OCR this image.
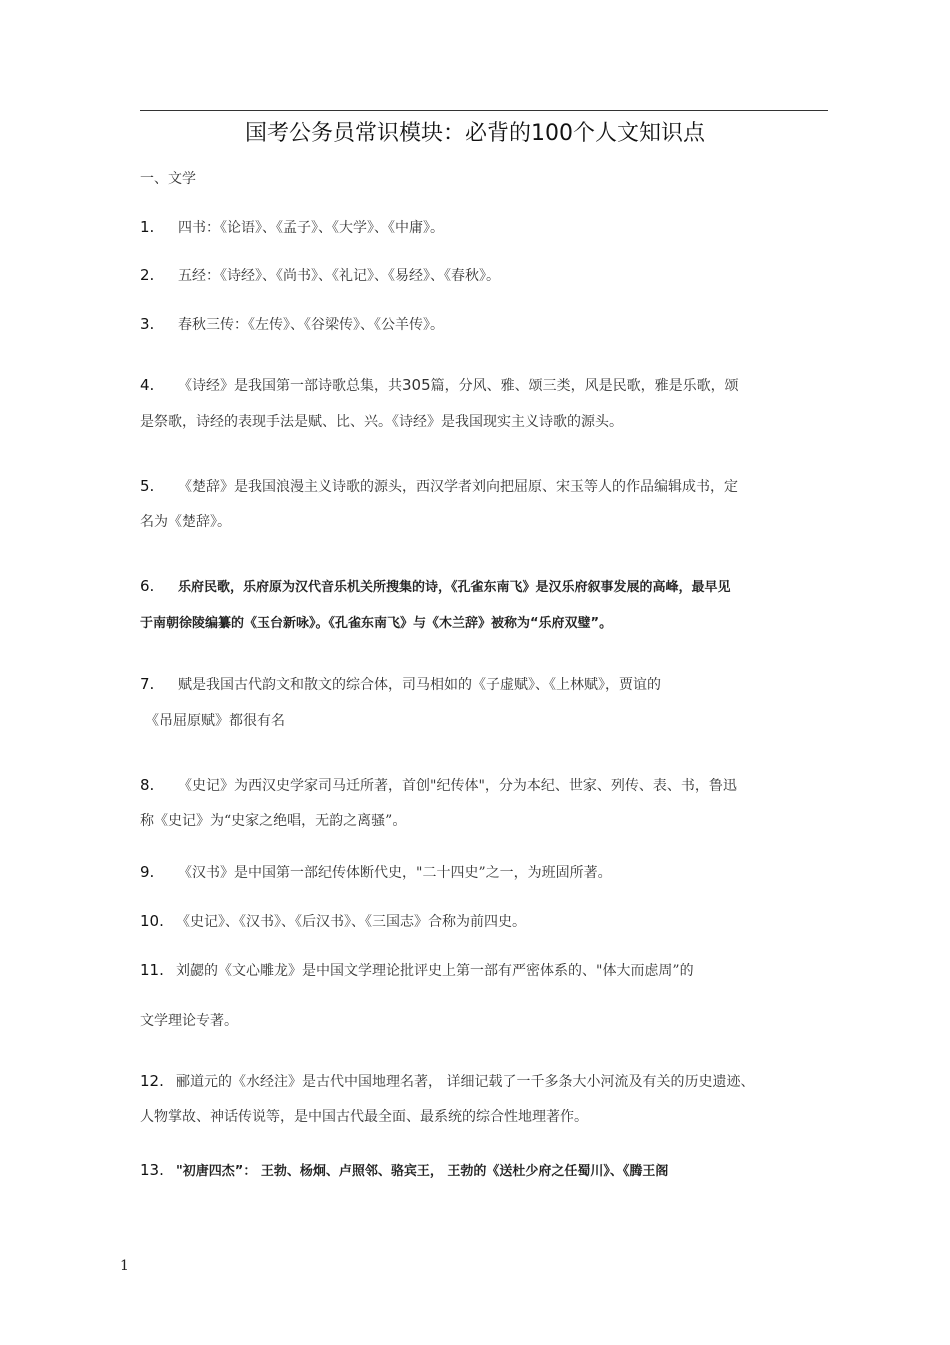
国考公务员常识模块：必背的100个人文知识点
一、文学
1. 四书：《论语》、《孟子》、《大学》、《中庸》。
2. 五经：《诗经》、《尚书》、《礼记》、《易经》、《春秋》。
3. 春秋三传：《左传》、《谷梁传》、《公羊传》。
4. 《诗经》是我国第一部诗歌总集，共305篇，分风、雅、颂三类，风是民歌，雅是乐歌，颂
是祭歌，诗经的表现手法是赋、比、兴。《诗经》是我国现实主义诗歌的源头。
5. 《楚辞》是我国浪漫主义诗歌的源头，西汉学者刘向把屈原、宋玉等人的作品编辑成书，定
名为《楚辞》。
6. 乐府民歌，乐府原为汉代音乐机关所搜集的诗，《孔雀东南飞》是汉乐府叙事发展的高峰，最早见
于南朝徐陵编纂的《玉台新咏》。《孔雀东南飞》与《木兰辞》被称为“乐府双璧”。
7. 赋是我国古代韵文和散文的综合体，司马相如的《子虚赋》、《上林赋》，贾谊的
《吊屈原赋》都很有名
8. 《史记》为西汉史学家司马迁所著，首创"纪传体"，分为本纪、世家、列传、表、书，鲁迅
称《史记》为“史家之绝唱，无韵之离骚”。
9. 《汉书》是中国第一部纪传体断代史，"二十四史”之一，为班固所著。
10. 《史记》、《汉书》、《后汉书》、《三国志》合称为前四史。
11. 刘勰的《文心雕龙》是中国文学理论批评史上第一部有严密体系的、"体大而虑周”的
文学理论专著。
12. 郦道元的《水经注》是古代中国地理名著， 详细记载了一千多条大小河流及有关的历史遗迹、
人物掌故、神话传说等，是中国古代最全面、最系统的综合性地理著作。
13. "初唐四杰”： 王勃、杨炯、卢照邻、骆宾王， 王勃的《送杜少府之任蜀川》、《腾王阁
1
